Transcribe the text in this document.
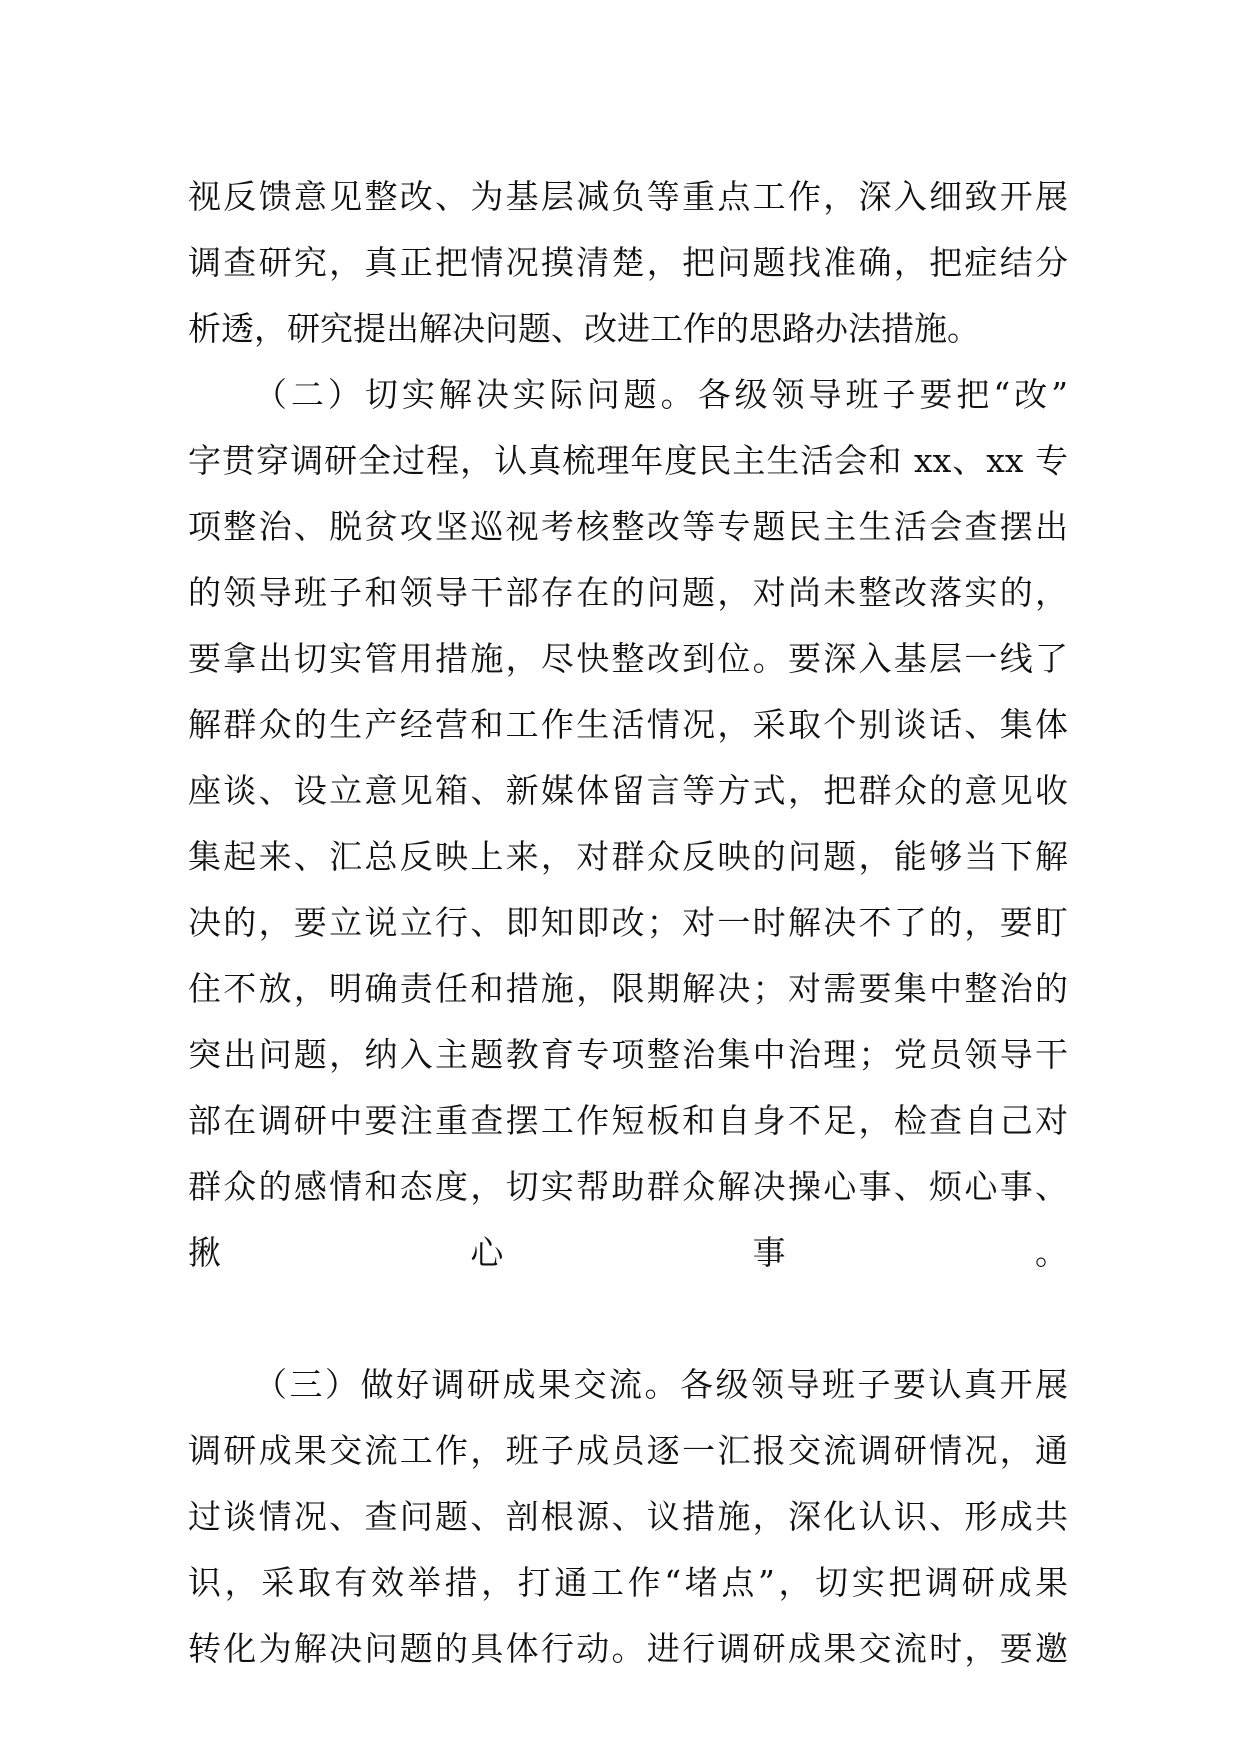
视反馈意见整改、为基层减负等重点工作，深入细致开展
调查研究，真正把情况摸清楚，把问题找准确，把症结分
析透，研究提出解决问题、改进工作的思路办法措施。
（二）切实解决实际问题。各级领导班子要把“改”
字贯穿调研全过程，认真梳理年度民主生活会和 xx、xx 专
项整治、脱贫攻坚巡视考核整改等专题民主生活会查摆出
的领导班子和领导干部存在的问题，对尚未整改落实的，
要拿出切实管用措施，尽快整改到位。要深入基层一线了
解群众的生产经营和工作生活情况，采取个别谈话、集体
座谈、设立意见箱、新媒体留言等方式，把群众的意见收
集起来、汇总反映上来，对群众反映的问题，能够当下解
决的，要立说立行、即知即改；对一时解决不了的，要盯
住不放，明确责任和措施，限期解决；对需要集中整治的
突出问题，纳入主题教育专项整治集中治理；党员领导干
部在调研中要注重查摆工作短板和自身不足，检查自己对
群众的感情和态度，切实帮助群众解决操心事、烦心事、
揪心事。
（三）做好调研成果交流。各级领导班子要认真开展
调研成果交流工作，班子成员逐一汇报交流调研情况，通
过谈情况、查问题、剖根源、议措施，深化认识、形成共
识，采取有效举措，打通工作“堵点”，切实把调研成果
转化为解决问题的具体行动。进行调研成果交流时，要邀
